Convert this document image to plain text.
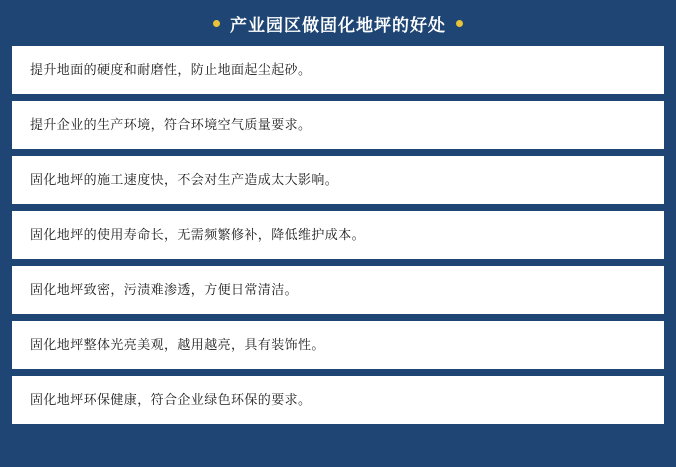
产业园区做固化地坪的好处
提升地面的硬度和耐磨性，防止地面起尘起砂。
提升企业的生产环境，符合环境空气质量要求。
固化地坪的施工速度快，不会对生产造成太大影响。
固化地坪的使用寿命长，无需频繁修补，降低维护成本。
固化地坪致密，污渍难渗透，方便日常清洁。
固化地坪整体光亮美观，越用越亮，具有装饰性。
固化地坪环保健康，符合企业绿色环保的要求。
